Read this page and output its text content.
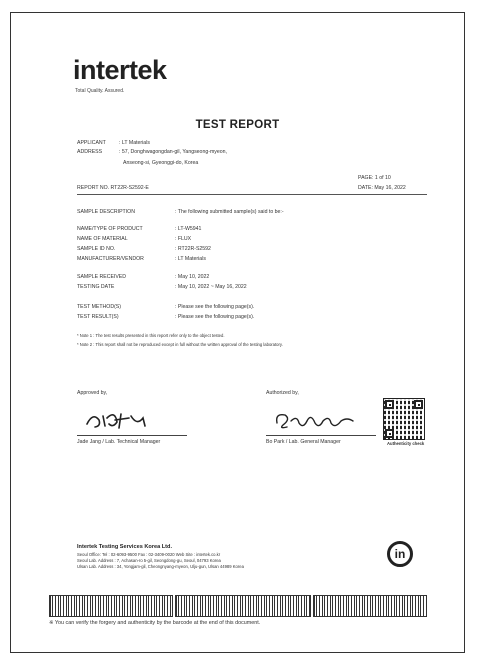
intertek
Total Quality. Assured.
TEST REPORT
APPLICANT	: LT Materials
ADDRESS	: 57, Donghwagongdan-gil, Yangseong-myeon,
Anseong-si, Gyeonggi-do, Korea
PAGE: 1 of 10
REPORT NO. RT22R-S2592-E	DATE: May 16, 2022
SAMPLE DESCRIPTION	: The following submitted sample(s) said to be:-
NAME/TYPE OF PRODUCT	: LT-W5941
NAME OF MATERIAL	: FLUX
SAMPLE ID NO.	: RT22R-S2592
MANUFACTURER/VENDOR	: LT Materials
SAMPLE RECEIVED	: May 10, 2022
TESTING DATE	: May 10, 2022 ~ May 16, 2022
TEST METHOD(S)	: Please see the following page(s).
TEST RESULT(S)	: Please see the following page(s).
* Note 1 : The test results presented in this report refer only to the object tested.
* Note 2 : This report shall not be reproduced except in full without the written approval of the testing laboratory.
Approved by,	Authorized by,
Jade Jang / Lab. Technical Manager	Bo Park / Lab. General Manager	Authenticity check
Intertek Testing Services Korea Ltd.
Seoul Office: Tel : 02-6093-9500 Fax : 02-3409-0020 Web Site : intertek.co.kr
Seoul Lab. Address : 7, Achasan-ro 5-gil, Seongdong-gu, Seoul, 04793 Korea
Ulsan Lab. Address : 34, Yongjam-gil, Cheongnyang-myeon, Ulju-gun, Ulsan 44989 Korea
in
※ You can verify the forgery and authenticity by the barcode at the end of this document.
